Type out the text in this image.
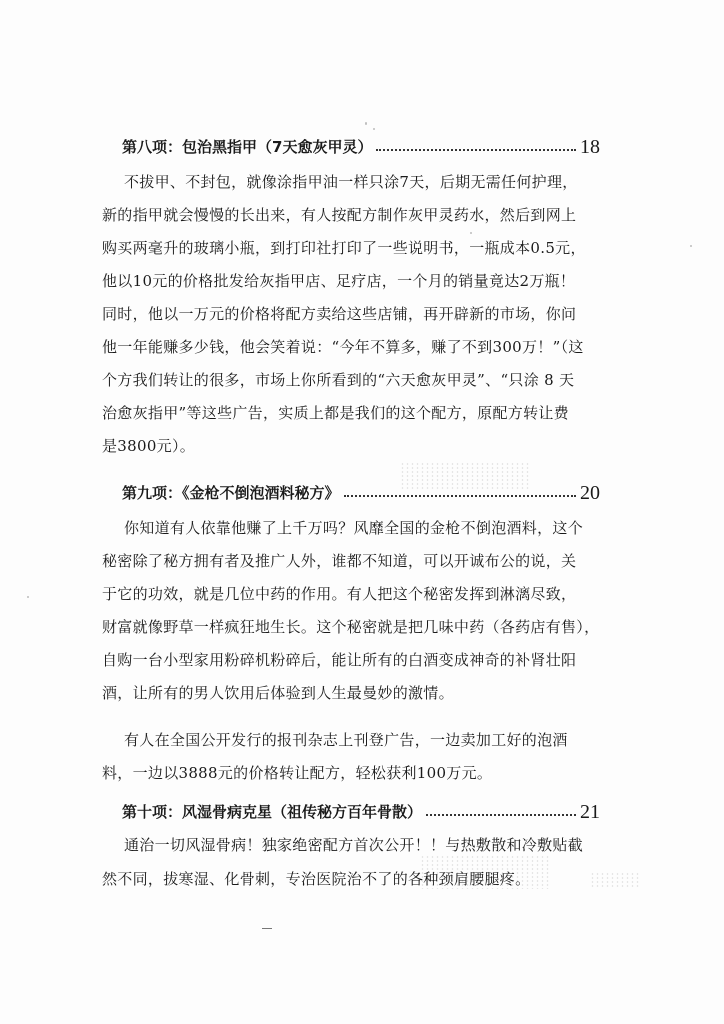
第八项：包治黑指甲（7天愈灰甲灵）	18
不拔甲、不封包，就像涂指甲油一样只涂7天，后期无需任何护理，
新的指甲就会慢慢的长出来，有人按配方制作灰甲灵药水，然后到网上
购买两毫升的玻璃小瓶，到打印社打印了一些说明书，一瓶成本0.5元，
他以10元的价格批发给灰指甲店、足疗店，一个月的销量竟达2万瓶！
同时，他以一万元的价格将配方卖给这些店铺，再开辟新的市场，你问
他一年能赚多少钱，他会笑着说：“今年不算多，赚了不到300万！”（这
个方我们转让的很多，市场上你所看到的“六天愈灰甲灵”、“只涂 8 天
治愈灰指甲”等这些广告，实质上都是我们的这个配方，原配方转让费
是3800元）。
第九项：《金枪不倒泡酒料秘方》	20
你知道有人依靠他赚了上千万吗？风靡全国的金枪不倒泡酒料，这个
秘密除了秘方拥有者及推广人外，谁都不知道，可以开诚布公的说，关
于它的功效，就是几位中药的作用。有人把这个秘密发挥到淋漓尽致，
财富就像野草一样疯狂地生长。这个秘密就是把几味中药（各药店有售），
自购一台小型家用粉碎机粉碎后，能让所有的白酒变成神奇的补肾壮阳
酒，让所有的男人饮用后体验到人生最曼妙的激情。
有人在全国公开发行的报刊杂志上刊登广告，一边卖加工好的泡酒
料，一边以3888元的价格转让配方，轻松获利100万元。
第十项：风湿骨病克星（祖传秘方百年骨散）	21
通治一切风湿骨病！独家绝密配方首次公开！！与热敷散和冷敷贴截
然不同，拔寒湿、化骨刺，专治医院治不了的各种颈肩腰腿疼。
